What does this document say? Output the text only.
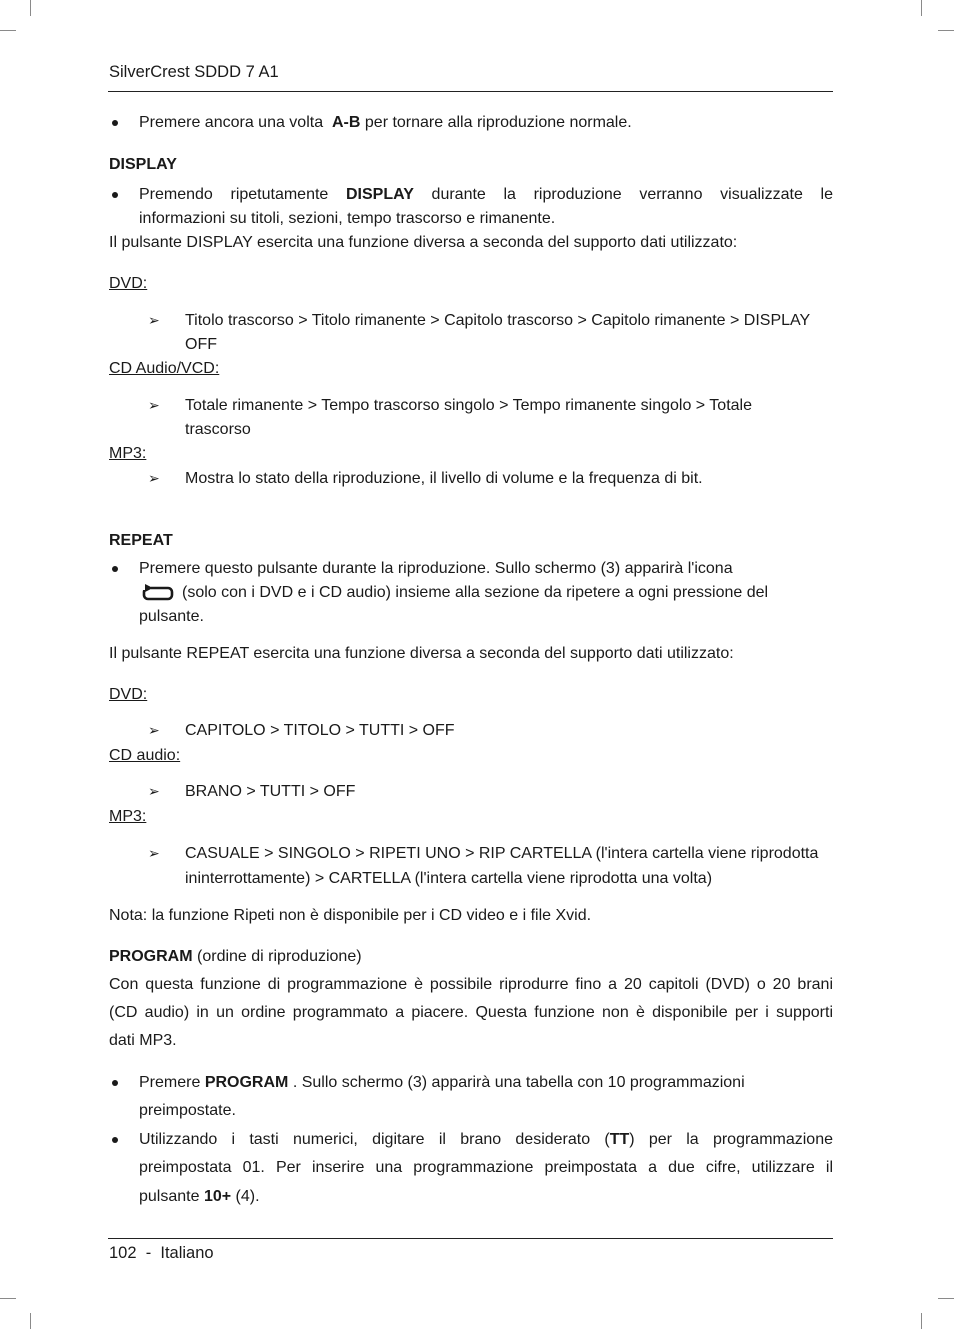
SilverCrest SDDD 7 A1
Premere ancora una volta A-B per tornare alla riproduzione normale.
DISPLAY
Premendo ripetutamente DISPLAY durante la riproduzione verranno visualizzate le
informazioni su titoli, sezioni, tempo trascorso e rimanente.
Il pulsante DISPLAY esercita una funzione diversa a seconda del supporto dati utilizzato:
DVD:
➢ Titolo trascorso > Titolo rimanente > Capitolo trascorso > Capitolo rimanente > DISPLAY
OFF
CD Audio/VCD:
➢ Totale rimanente > Tempo trascorso singolo > Tempo rimanente singolo > Totale
trascorso
MP3:
➢ Mostra lo stato della riproduzione, il livello di volume e la frequenza di bit.
REPEAT
Premere questo pulsante durante la riproduzione. Sullo schermo (3) apparirà l'icona
(solo con i DVD e i CD audio) insieme alla sezione da ripetere a ogni pressione del
pulsante.
Il pulsante REPEAT esercita una funzione diversa a seconda del supporto dati utilizzato:
DVD:
➢ CAPITOLO > TITOLO > TUTTI > OFF
CD audio:
➢ BRANO > TUTTI > OFF
MP3:
➢ CASUALE > SINGOLO > RIPETI UNO > RIP CARTELLA (l'intera cartella viene riprodotta
ininterrottamente) > CARTELLA (l'intera cartella viene riprodotta una volta)
Nota: la funzione Ripeti non è disponibile per i CD video e i file Xvid.
PROGRAM (ordine di riproduzione)
Con questa funzione di programmazione è possibile riprodurre fino a 20 capitoli (DVD) o 20 brani
(CD audio) in un ordine programmato a piacere. Questa funzione non è disponibile per i supporti
dati MP3.
Premere PROGRAM . Sullo schermo (3) apparirà una tabella con 10 programmazioni
preimpostate.
Utilizzando i tasti numerici, digitare il brano desiderato (TT) per la programmazione
preimpostata 01. Per inserire una programmazione preimpostata a due cifre, utilizzare il
pulsante 10+ (4).
102  -  Italiano
